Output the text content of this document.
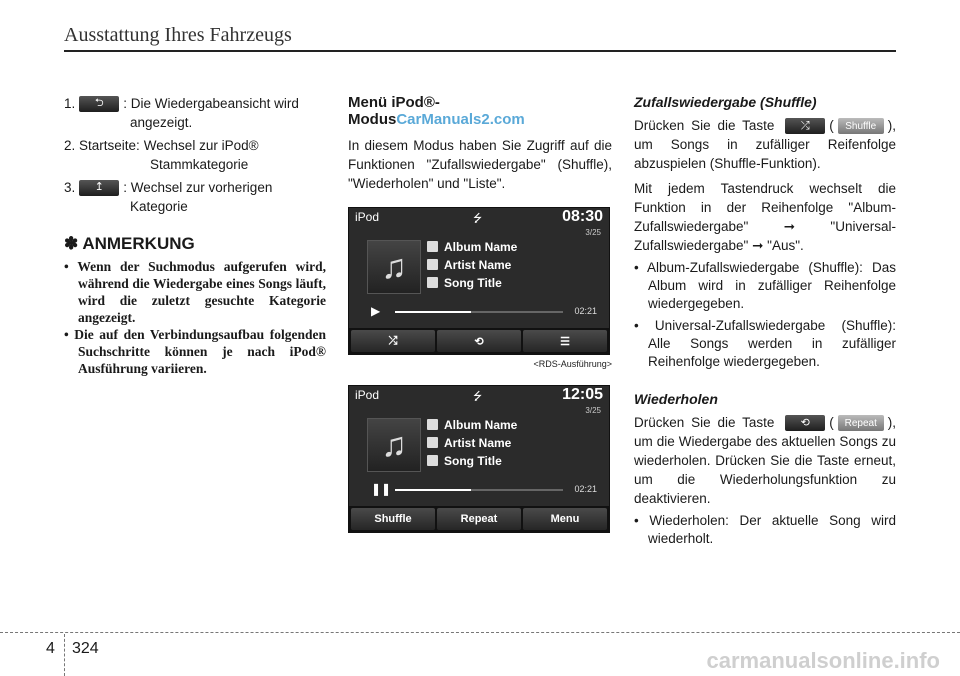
Ausstattung Ihres Fahrzeugs
1.	⮌	: Die Wiedergabeansicht wird
angezeigt.
2. Startseite: Wechsel zur iPod®
Stammkategorie
3.	↥	: Wechsel zur vorherigen
Kategorie
✽ ANMERKUNG
• Wenn der Suchmodus aufgerufen wird, während die Wiedergabe eines Songs läuft, wird die zuletzt gesuchte Kategorie angezeigt.
• Die auf den Verbindungsaufbau folgenden Suchschritte können je nach iPod® Ausführung variieren.
Menü iPod®-ModusCarManuals2.com
In diesem Modus haben Sie Zugriff auf die Funktionen "Zufallswiedergabe" (Shuffle), "Wiederholen" und "Liste".
iPod	⭍	08:30
3/25
♫
Album Name
Artist Name
Song Title
▶	02:21
⤮	⟲	☰
<RDS-Ausführung>
iPod	⭍	12:05
3/25
♫
Album Name
Artist Name
Song Title
❚❚	02:21
Shuffle	Repeat	Menu
Zufallswiedergabe (Shuffle)
Drücken Sie die Taste ⤮ ( Shuffle ), um Songs in zufälliger Reifenfolge abzuspielen (Shuffle-Funktion).
Mit jedem Tastendruck wechselt die Funktion in der Reihenfolge "Album-Zufallswiedergabe" ➞ "Universal-Zufallswiedergabe" ➞ "Aus".
• Album-Zufallswiedergabe (Shuffle): Das Album wird in zufälliger Reihenfolge wiedergegeben.
• Universal-Zufallswiedergabe (Shuffle): Alle Songs werden in zufälliger Reihenfolge wiedergegeben.
Wiederholen
Drücken Sie die Taste ⟲ ( Repeat ), um die Wiedergabe des aktuellen Songs zu wiederholen. Drücken Sie die Taste erneut, um die Wiederholungsfunktion zu deaktivieren.
• Wiederholen: Der aktuelle Song wird wiederholt.
4 324	carmanualsonline.info
